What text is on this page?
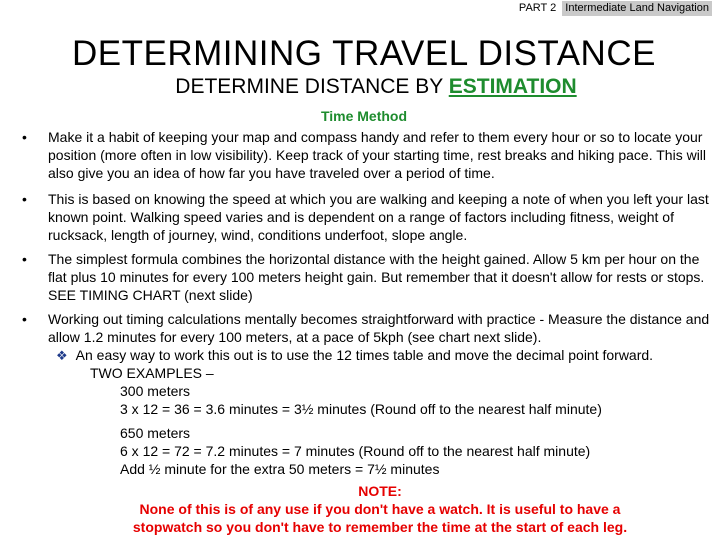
PART 2 Intermediate Land Navigation
DETERMINING TRAVEL DISTANCE
DETERMINE DISTANCE BY ESTIMATION
Time Method
• Make it a habit of keeping your map and compass handy and refer to them every hour or so to locate your position (more often in low visibility). Keep track of your starting time, rest breaks and hiking pace. This will also give you an idea of how far you have traveled over a period of time.
• This is based on knowing the speed at which you are walking and keeping a note of when you left your last known point. Walking speed varies and is dependent on a range of factors including fitness, weight of rucksack, length of journey, wind, conditions underfoot, slope angle.
• The simplest formula combines the horizontal distance with the height gained. Allow 5 km per hour on the flat plus 10 minutes for every 100 meters height gain. But remember that it doesn't allow for rests or stops. SEE TIMING CHART (next slide)
• Working out timing calculations mentally becomes straightforward with practice - Measure the distance and allow 1.2 minutes for every 100 meters, at a pace of 5kph (see chart next slide).
❖ An easy way to work this out is to use the 12 times table and move the decimal point forward.
TWO EXAMPLES –
300 meters
3 x 12 = 36 = 3.6 minutes = 3½ minutes (Round off to the nearest half minute)
650 meters
6 x 12 = 72 = 7.2 minutes = 7 minutes (Round off to the nearest half minute)
Add ½ minute for the extra 50 meters = 7½ minutes
NOTE:
None of this is of any use if you don't have a watch. It is useful to have a
stopwatch so you don't have to remember the time at the start of each leg.
